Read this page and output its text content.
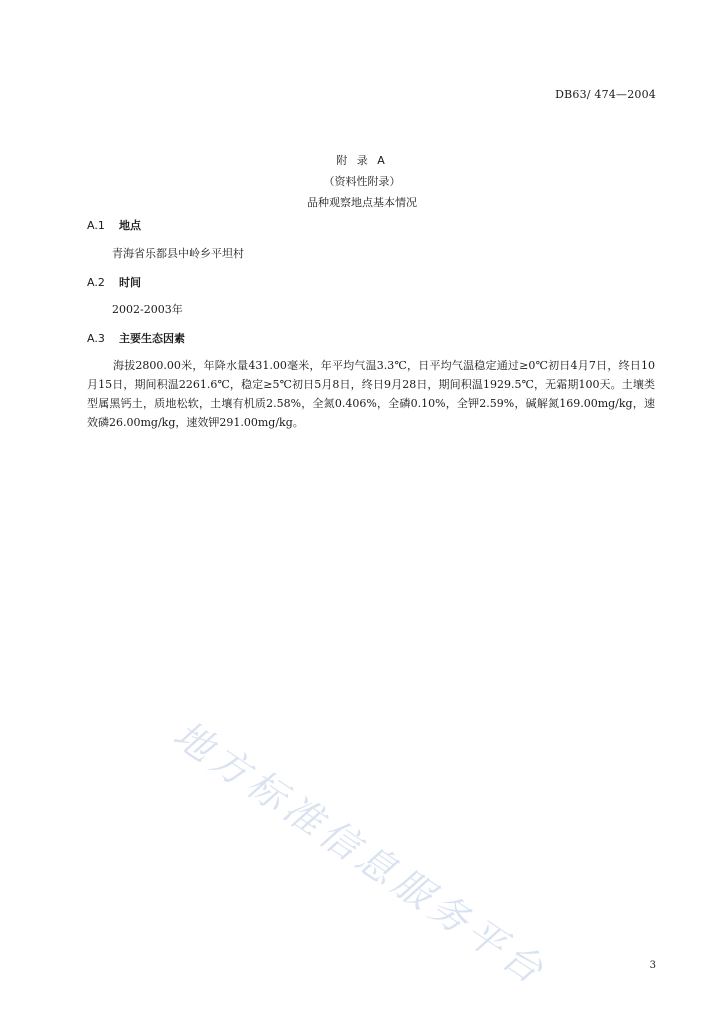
DB63/ 474—2004
附 录 A
（资料性附录）
品种观察地点基本情况
A.1 地点
青海省乐都县中岭乡平坦村
A.2 时间
2002-2003年
A.3 主要生态因素
海拔2800.00米，年降水量431.00毫米，年平均气温3.3℃，日平均气温稳定通过≥0℃初日4月7日，终日10月15日，期间积温2261.6℃，稳定≥5℃初日5月8日，终日9月28日，期间积温1929.5℃，无霜期100天。土壤类型属黑钙土，质地松软，土壤有机质2.58%，全氮0.406%，全磷0.10%，全钾2.59%，碱解氮169.00mg/kg，速效磷26.00mg/kg，速效钾291.00mg/kg。
地方标准信息服务平台	3
